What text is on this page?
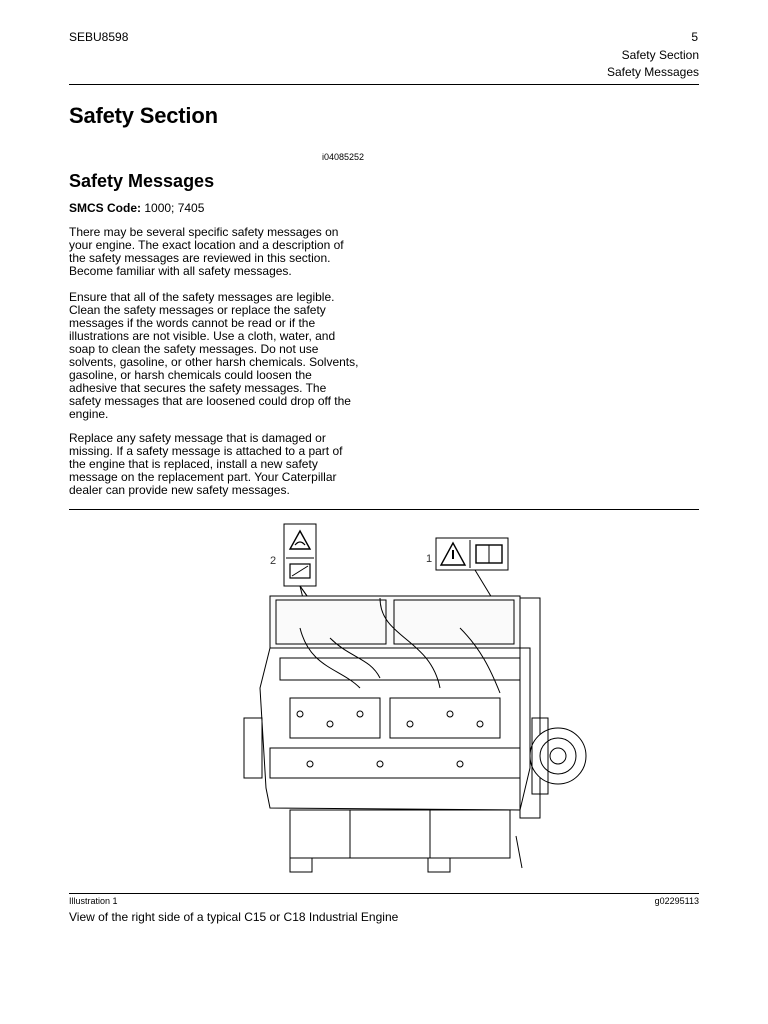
SEBU8598	5
Safety Section
Safety Messages
Safety Section
i04085252
Safety Messages
SMCS Code: 1000; 7405

There may be several specific safety messages on your engine. The exact location and a description of the safety messages are reviewed in this section. Become familiar with all safety messages.

Ensure that all of the safety messages are legible. Clean the safety messages or replace the safety messages if the words cannot be read or if the illustrations are not visible. Use a cloth, water, and soap to clean the safety messages. Do not use solvents, gasoline, or other harsh chemicals. Solvents, gasoline, or harsh chemicals could loosen the adhesive that secures the safety messages. The safety messages that are loosened could drop off the engine.

Replace any safety message that is damaged or missing. If a safety message is attached to a part of the engine that is replaced, install a new safety message on the replacement part. Your Caterpillar dealer can provide new safety messages.

2	1
Illustration 1	g02295113
View of the right side of a typical C15 or C18 Industrial Engine
